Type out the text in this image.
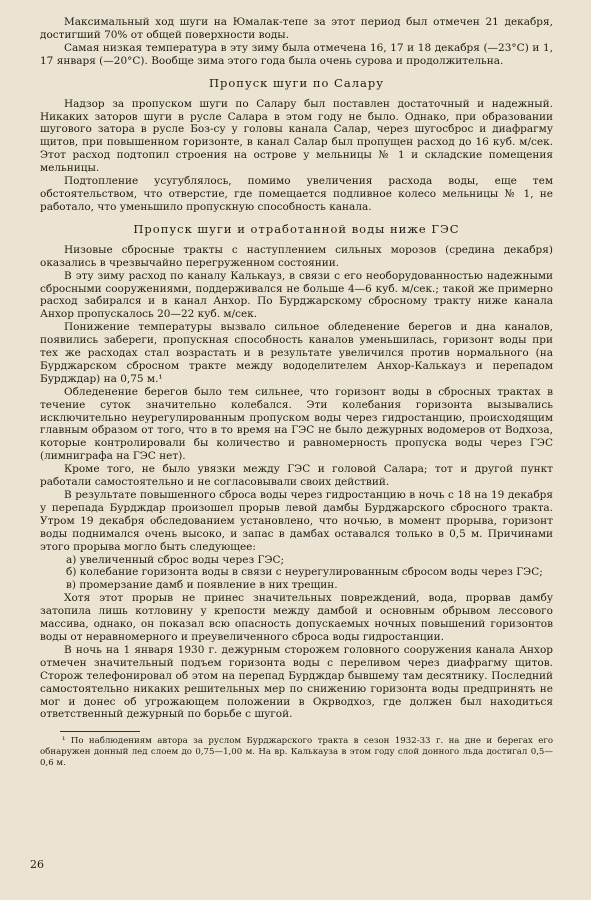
Максимальный ход шуги на Юмалак-тепе за этот период был отмечен 21 декабря, достигший 70% от общей поверхности воды.

Самая низкая температура в эту зиму была отмечена 16, 17 и 18 декабря (—23°С) и 1, 17 января (—20°С). Вообще зима этого года была очень сурова и продолжительна.

Пропуск шуги по Салару

Надзор за пропуском шуги по Салару был поставлен достаточный и надежный. Никаких заторов шуги в русле Салара в этом году не было. Однако, при образовании шугового затора в русле Боз-су у головы канала Салар, через шугосброс и диафрагму щитов, при повышенном горизонте, в канал Салар был пропущен расход до 16 куб. м/сек. Этот расход подтопил строения на острове у мельницы № 1 и складские помещения мельницы.

Подтопление усугублялось, помимо увеличения расхода воды, еще тем обстоятельством, что отверстие, где помещается подливное колесо мельницы № 1, не работало, что уменьшило пропускную способность канала.

Пропуск шуги и отработанной воды ниже ГЭС

Низовые сбросные тракты с наступлением сильных морозов (средина декабря) оказались в чрезвычайно перегруженном состоянии.

В эту зиму расход по каналу Калькауз, в связи с его необорудованностью надежными сбросными сооружениями, поддерживался не больше 4—6 куб. м/сек.; такой же примерно расход забирался и в канал Анхор. По Бурджарскому сбросному тракту ниже канала Анхор пропускалось 20—22 куб. м/сек.

Понижение температуры вызвало сильное обледенение берегов и дна каналов, появились забереги, пропускная способность каналов уменьшилась, горизонт воды при тех же расходах стал возрастать и в результате увеличился против нормального (на Бурджарском сбросном тракте между вододелителем Анхор-Калькауз и перепадом Бурдждар) на 0,75 м.¹

Обледенение берегов было тем сильнее, что горизонт воды в сбросных трактах в течение суток значительно колебался. Эти колебания горизонта вызывались исключительно неурегулированным пропуском воды через гидростанцию, происходящим главным образом от того, что в то время на ГЭС не было дежурных водомеров от Водхоза, которые контролировали бы количество и равномерность пропуска воды через ГЭС (лимниграфа на ГЭС нет).

Кроме того, не было увязки между ГЭС и головой Салара; тот и другой пункт работали самостоятельно и не согласовывали своих действий.

В результате повышенного сброса воды через гидростанцию в ночь с 18 на 19 декабря у перепада Бурдждар произошел прорыв левой дамбы Бурджарского сбросного тракта. Утром 19 декабря обследованием установлено, что ночью, в момент прорыва, горизонт воды поднимался очень высоко, и запас в дамбах оставался только в 0,5 м. Причинами этого прорыва могло быть следующее:

а) увеличенный сброс воды через ГЭС;

б) колебание горизонта воды в связи с неурегулированным сбросом воды через ГЭС;

в) промерзание дамб и появление в них трещин.

Хотя этот прорыв не принес значительных повреждений, вода, прорвав дамбу затопила лишь котловину у крепости между дамбой и основным обрывом лессового массива, однако, он показал всю опасность допускаемых ночных повышений горизонтов воды от неравномерного и преувеличенного сброса воды гидростанции.

В ночь на 1 января 1930 г. дежурным сторожем головного сооружения канала Анхор отмечен значительный подъем горизонта воды с переливом через диафрагму щитов. Сторож телефонировал об этом на перепад Бурдждар бывшему там десятнику. Последний самостоятельно никаких решительных мер по снижению горизонта воды предпринять не мог и донес об угрожающем положении в Окрводхоз, где должен был находиться ответственный дежурный по борьбе с шугой.

¹ По наблюдениям автора за руслом Бурджарского тракта в сезон 1932-33 г. на дне и берегах его обнаружен донный лед слоем до 0,75—1,00 м. На вр. Калькауза в этом году слой донного льда достигал 0,5—0,6 м.

26
